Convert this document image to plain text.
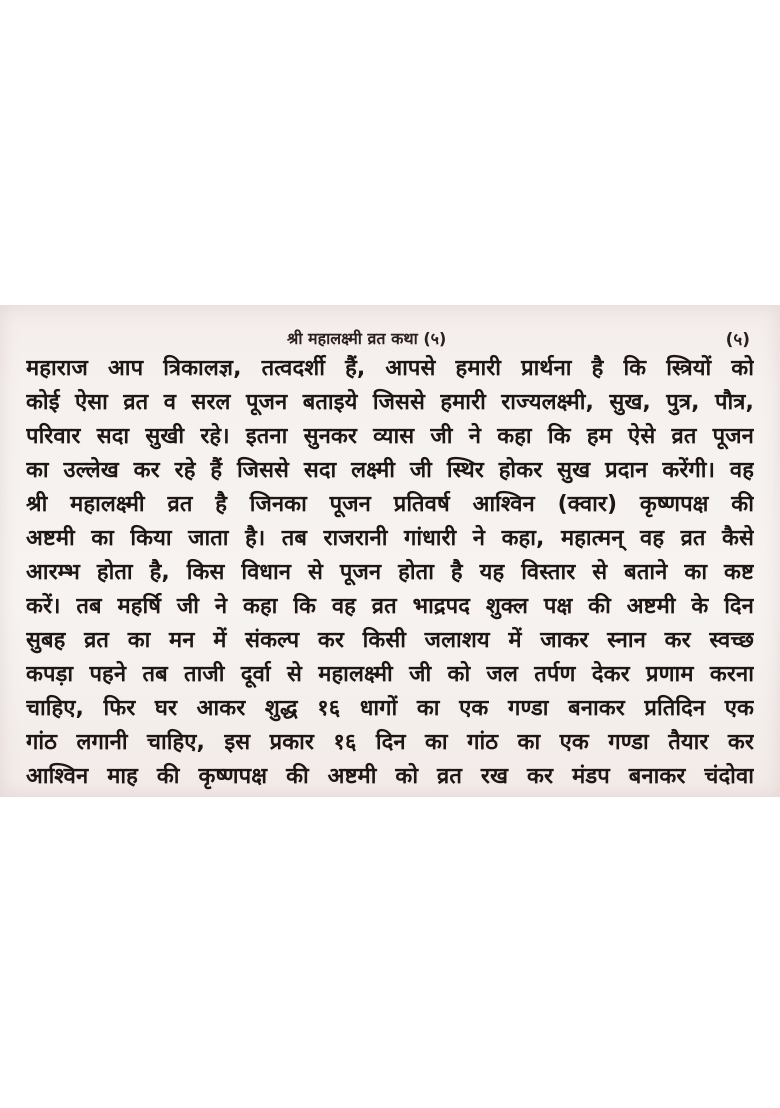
श्री महालक्ष्मी व्रत कथा (५)	(५)
महाराज आप त्रिकालज्ञ, तत्वदर्शी हैं, आपसे हमारी प्रार्थना है कि स्त्रियों को
कोई ऐसा व्रत व सरल पूजन बताइये जिससे हमारी राज्यलक्ष्मी, सुख, पुत्र, पौत्र,
परिवार सदा सुखी रहे। इतना सुनकर व्यास जी ने कहा कि हम ऐसे व्रत पूजन
का उल्लेख कर रहे हैं जिससे सदा लक्ष्मी जी स्थिर होकर सुख प्रदान करेंगी। वह
श्री महालक्ष्मी व्रत है जिनका पूजन प्रतिवर्ष आश्विन (क्वार) कृष्णपक्ष की
अष्टमी का किया जाता है। तब राजरानी गांधारी ने कहा, महात्मन् वह व्रत कैसे
आरम्भ होता है, किस विधान से पूजन होता है यह विस्तार से बताने का कष्ट
करें। तब महर्षि जी ने कहा कि वह व्रत भाद्रपद शुक्ल पक्ष की अष्टमी के दिन
सुबह व्रत का मन में संकल्प कर किसी जलाशय में जाकर स्नान कर स्वच्छ
कपड़ा पहने तब ताजी दूर्वा से महालक्ष्मी जी को जल तर्पण देकर प्रणाम करना
चाहिए, फिर घर आकर शुद्ध १६ धागों का एक गण्डा बनाकर प्रतिदिन एक
गांठ लगानी चाहिए, इस प्रकार १६ दिन का गांठ का एक गण्डा तैयार कर
आश्विन माह की कृष्णपक्ष की अष्टमी को व्रत रख कर मंडप बनाकर चंदोवा
